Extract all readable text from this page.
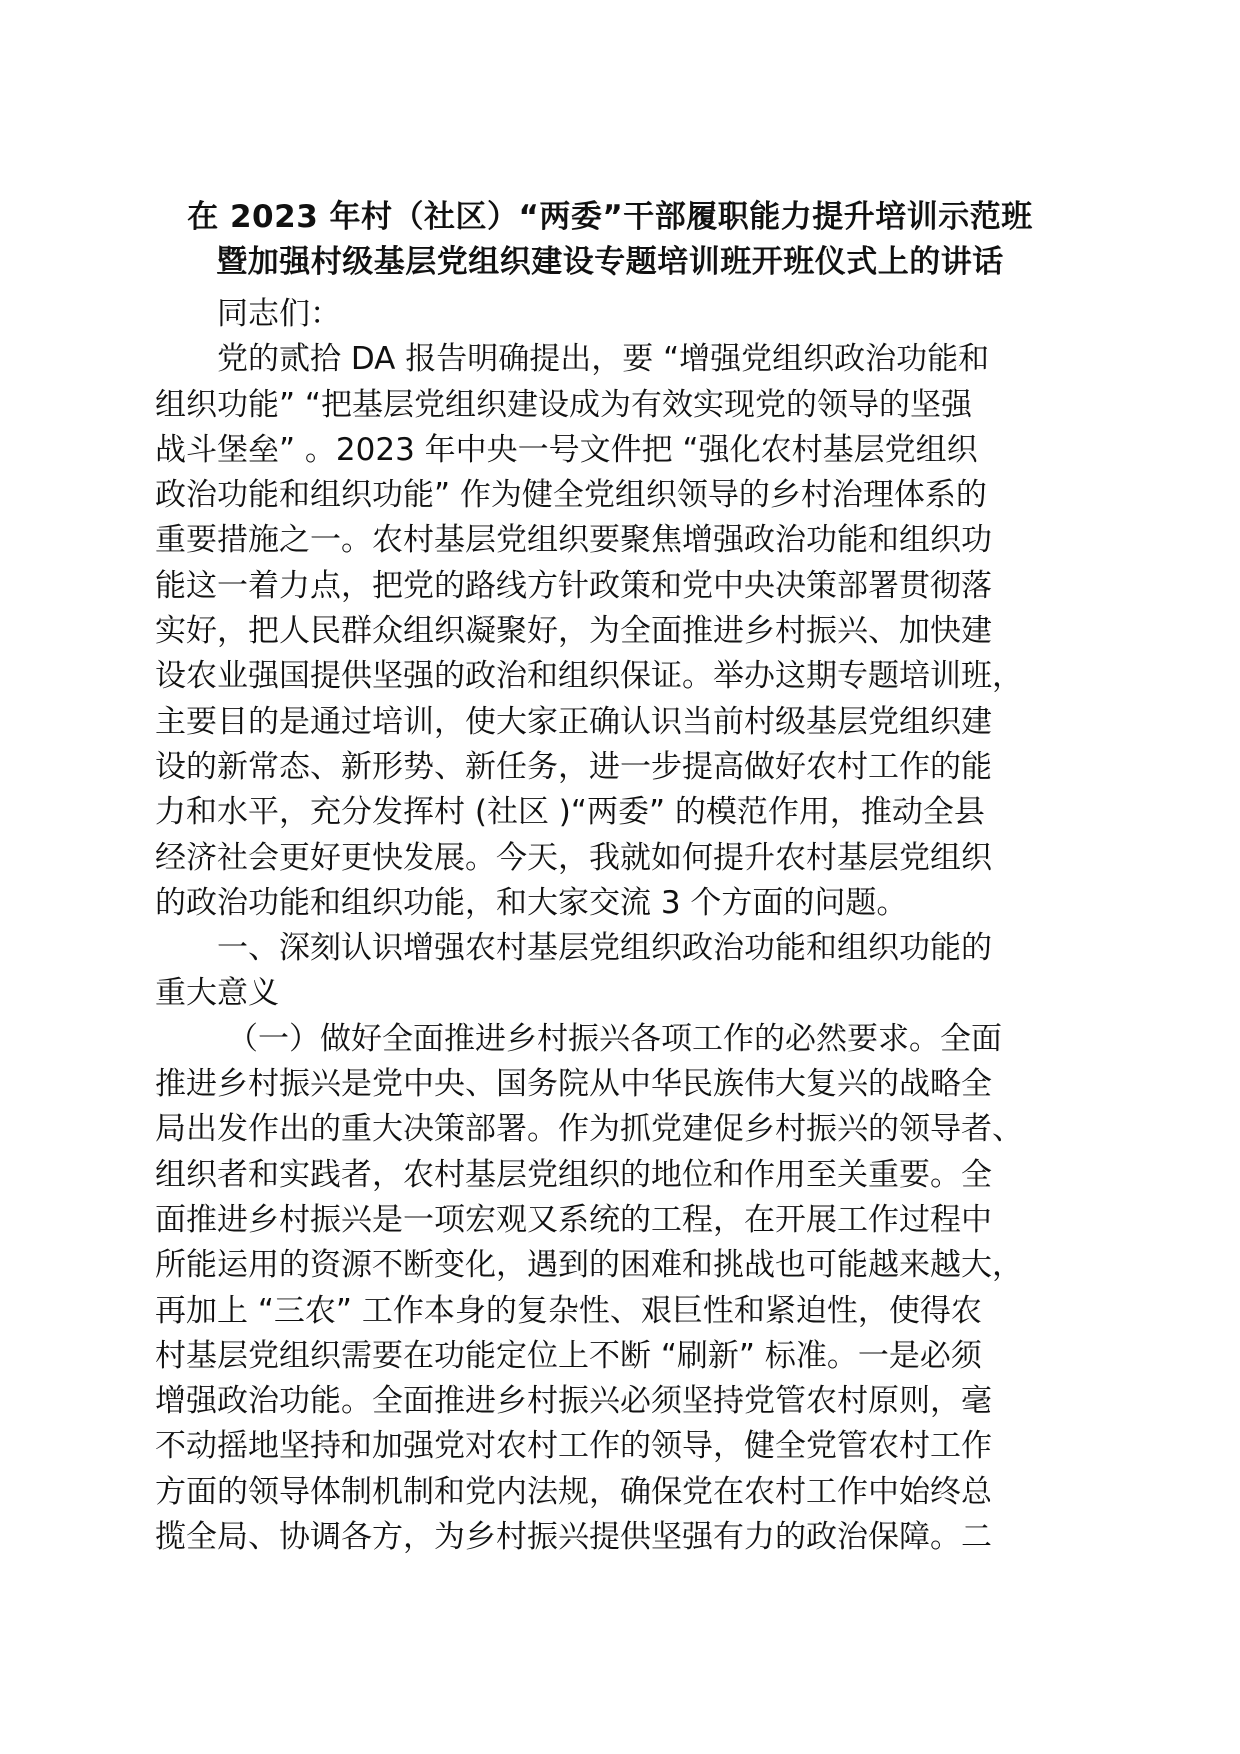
在 2023 年村（社区）“两委”干部履职能力提升培训示范班
暨加强村级基层党组织建设专题培训班开班仪式上的讲话
同志们：
党的贰拾 DA 报告明确提出，要 “增强党组织政治功能和
组织功能” “把基层党组织建设成为有效实现党的领导的坚强
战斗堡垒” 。2023 年中央一号文件把 “强化农村基层党组织
政治功能和组织功能” 作为健全党组织领导的乡村治理体系的
重要措施之一。农村基层党组织要聚焦增强政治功能和组织功
能这一着力点，把党的路线方针政策和党中央决策部署贯彻落
实好，把人民群众组织凝聚好，为全面推进乡村振兴、加快建
设农业强国提供坚强的政治和组织保证。举办这期专题培训班，
主要目的是通过培训，使大家正确认识当前村级基层党组织建
设的新常态、新形势、新任务，进一步提高做好农村工作的能
力和水平，充分发挥村 (社区 )“两委” 的模范作用，推动全县
经济社会更好更快发展。今天，我就如何提升农村基层党组织
的政治功能和组织功能，和大家交流 3 个方面的问题。
一、深刻认识增强农村基层党组织政治功能和组织功能的
重大意义
（一）做好全面推进乡村振兴各项工作的必然要求。全面
推进乡村振兴是党中央、国务院从中华民族伟大复兴的战略全
局出发作出的重大决策部署。作为抓党建促乡村振兴的领导者、
组织者和实践者，农村基层党组织的地位和作用至关重要。全
面推进乡村振兴是一项宏观又系统的工程，在开展工作过程中
所能运用的资源不断变化，遇到的困难和挑战也可能越来越大，
再加上 “三农” 工作本身的复杂性、艰巨性和紧迫性，使得农
村基层党组织需要在功能定位上不断 “刷新” 标准。一是必须
增强政治功能。全面推进乡村振兴必须坚持党管农村原则，毫
不动摇地坚持和加强党对农村工作的领导，健全党管农村工作
方面的领导体制机制和党内法规，确保党在农村工作中始终总
揽全局、协调各方，为乡村振兴提供坚强有力的政治保障。二
